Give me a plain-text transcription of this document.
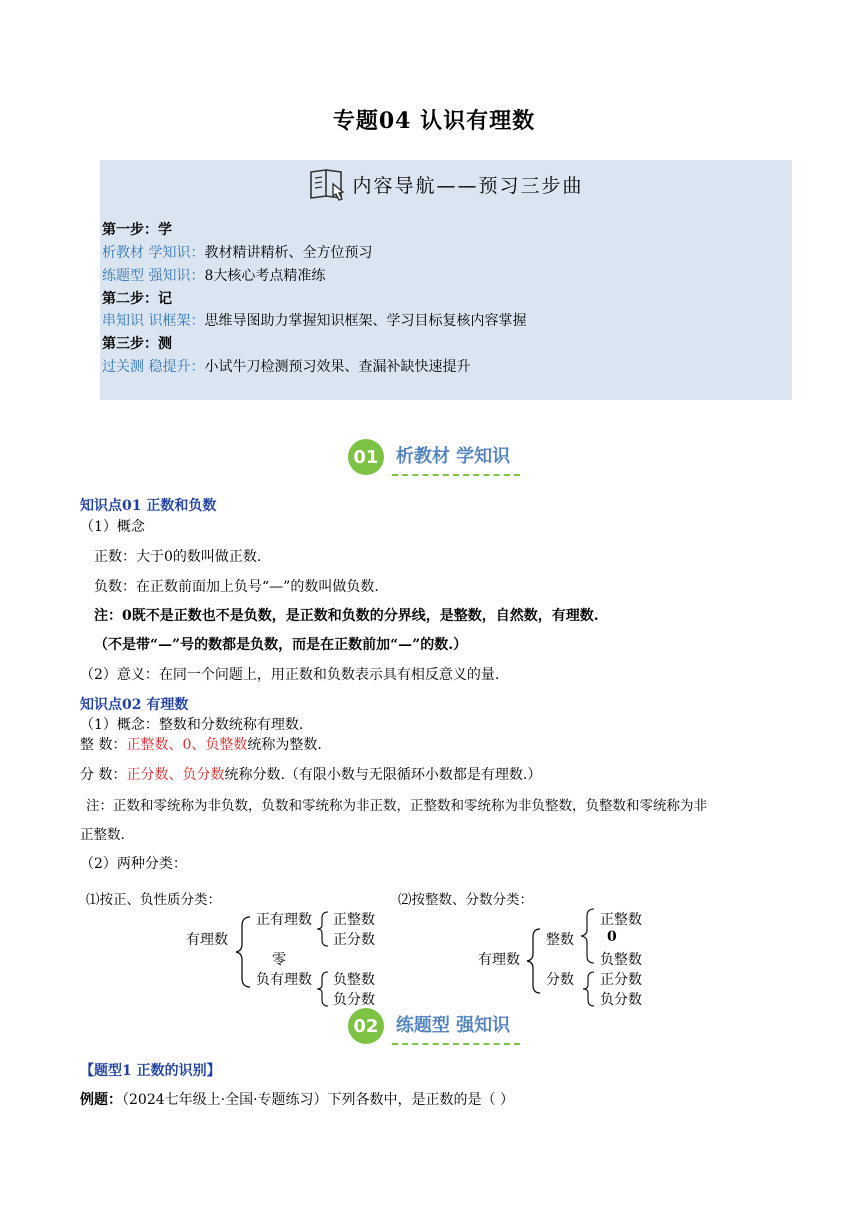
专题04 认识有理数
内容导航——预习三步曲
第一步：学
析教材 学知识：教材精讲精析、全方位预习
练题型 强知识：8大核心考点精准练
第二步：记
串知识 识框架：思维导图助力掌握知识框架、学习目标复核内容掌握
第三步：测
过关测 稳提升：小试牛刀检测预习效果、查漏补缺快速提升
01 析教材 学知识
知识点01 正数和负数
（1）概念
正数：大于0的数叫做正数.
负数：在正数前面加上负号“—”的数叫做负数.
注：0既不是正数也不是负数，是正数和负数的分界线，是整数，自然数，有理数.
（不是带“—”号的数都是负数，而是在正数前加“—”的数.）
（2）意义：在同一个问题上，用正数和负数表示具有相反意义的量.
知识点02 有理数
（1）概念：整数和分数统称有理数.
整 数：正整数、0、负整数统称为整数.
分 数：正分数、负分数统称分数.（有限小数与无限循环小数都是有理数.）
注：正数和零统称为非负数，负数和零统称为非正数，正整数和零统称为非负整数，负整数和零统称为非
正整数.
（2）两种分类：
⑴按正、负性质分类：
有理数
正有理数
零
负有理数
正整数
正分数
负整数
负分数
⑵按整数、分数分类：
有理数
整数
分数
正整数
0
负整数
正分数
负分数
02 练题型 强知识
【题型1 正数的识别】
例题：（2024七年级上·全国·专题练习）下列各数中，是正数的是（ ）
